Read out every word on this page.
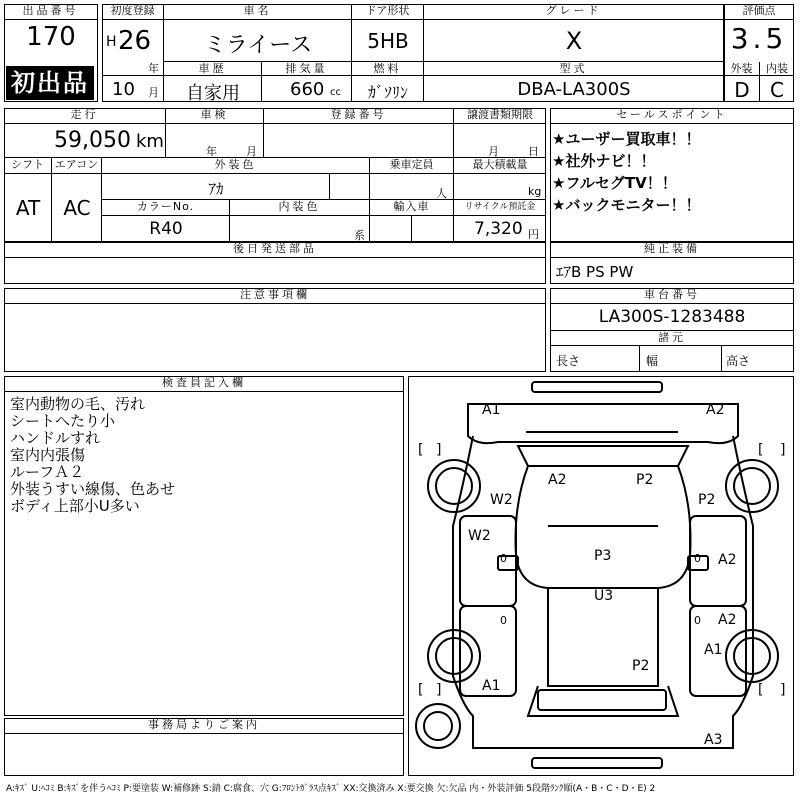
出品番号
170
初出品
初度登録
H 26
年
10 月
車名
ミライース
ドア形状
5HB
グレード
X
車歴
自家用
排気量
660 cc
燃料
ｶﾞｿﾘﾝ
型式
DBA-LA300S
評価点
3.5
外装	内装
D	C
走行
59,050 km
車検
年	月
登録番号	譲渡書類期限
月	日
シフト
AT
エアコン
AC
外装色
ｱｶ
乗車定員
人
最大積載量
kg
カラーNo.
R40
内装色
系
輸入車	リサイクル預託金
7,320 円
セールスポイント
★ユーザー買取車！！
★社外ナビ！！
★フルセグTV！！
★バックモニター！！
後日発送部品	純正装備
ｴｱB PS PW
注意事項欄	車台番号
LA300S-1283488
諸元
長さ	幅	高さ
検査員記入欄
室内動物の毛、汚れ
シートへたり小
ハンドルすれ
室内内張傷
ルーフＡ２
外装うすい線傷、色あせ
ボディ上部小U多い
事務局よりご案内
[ ]	[ ]
[ ]	[ ]
A1	A2
A2	P2
W2	P2
W2
P3	A2
U3
A2
A1
P2
A1
A3
0	0
0	0
A:ｷｽﾞ U:ﾍｺﾐ B:ｷｽﾞを伴うﾍｺﾐ P:要塗装 W:補修跡 S:錆 C:腐食、穴 G:ﾌﾛﾝﾄｶﾞﾗｽ点ｷｽﾞ XX:交換済み X:要交換 欠:欠品 内・外装評価 5段階ﾗﾝｸ順(A・B・C・D・E) 2
